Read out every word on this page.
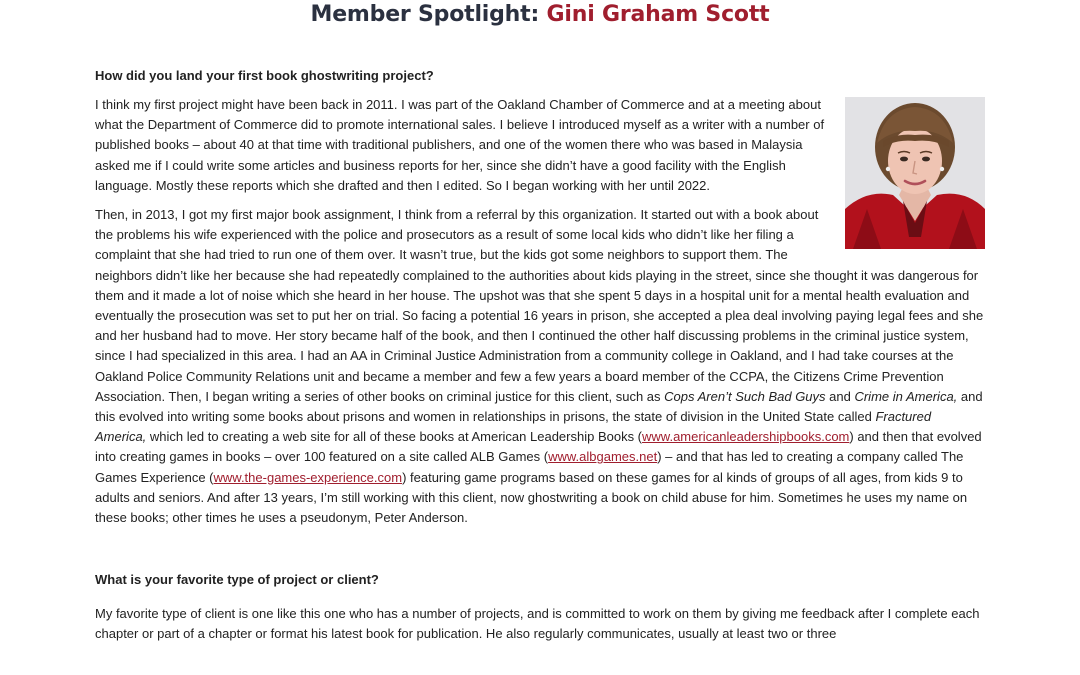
Member Spotlight: Gini Graham Scott

How did you land your first book ghostwriting project?

I think my first project might have been back in 2011. I was part of the Oakland Chamber of Commerce and at a meeting about what the Department of Commerce did to promote international sales. I believe I introduced myself as a writer with a number of published books – about 40 at that time with traditional publishers, and one of the women there who was based in Malaysia asked me if I could write some articles and business reports for her, since she didn’t have a good facility with the English language. Mostly these reports which she drafted and then I edited. So I began working with her until 2022.

Then, in 2013, I got my first major book assignment, I think from a referral by this organization. It started out with a book about the problems his wife experienced with the police and prosecutors as a result of some local kids who didn’t like her filing a complaint that she had tried to run one of them over. It wasn’t true, but the kids got some neighbors to support them. The neighbors didn’t like her because she had repeatedly complained to the authorities about kids playing in the street, since she thought it was dangerous for them and it made a lot of noise which she heard in her house. The upshot was that she spent 5 days in a hospital unit for a mental health evaluation and eventually the prosecution was set to put her on trial. So facing a potential 16 years in prison, she accepted a plea deal involving paying legal fees and she and her husband had to move. Her story became half of the book, and then I continued the other half discussing problems in the criminal justice system, since I had specialized in this area. I had an AA in Criminal Justice Administration from a community college in Oakland, and I had take courses at the Oakland Police Community Relations unit and became a member and few a few years a board member of the CCPA, the Citizens Crime Prevention Association. Then, I began writing a series of other books on criminal justice for this client, such as Cops Aren’t Such Bad Guys and Crime in America, and this evolved into writing some books about prisons and women in relationships in prisons, the state of division in the United State called Fractured America, which led to creating a web site for all of these books at American Leadership Books (www.americanleadershipbooks.com) and then that evolved into creating games in books – over 100 featured on a site called ALB Games (www.albgames.net) – and that has led to creating a company called The Games Experience (www.the-games-experience.com) featuring game programs based on these games for al kinds of groups of all ages, from kids 9 to adults and seniors. And after 13 years, I’m still working with this client, now ghostwriting a book on child abuse for him. Sometimes he uses my name on these books; other times he uses a pseudonym, Peter Anderson.

What is your favorite type of project or client?

My favorite type of client is one like this one who has a number of projects, and is committed to work on them by giving me feedback after I complete each chapter or part of a chapter or format his latest book for publication. He also regularly communicates, usually at least two or three
